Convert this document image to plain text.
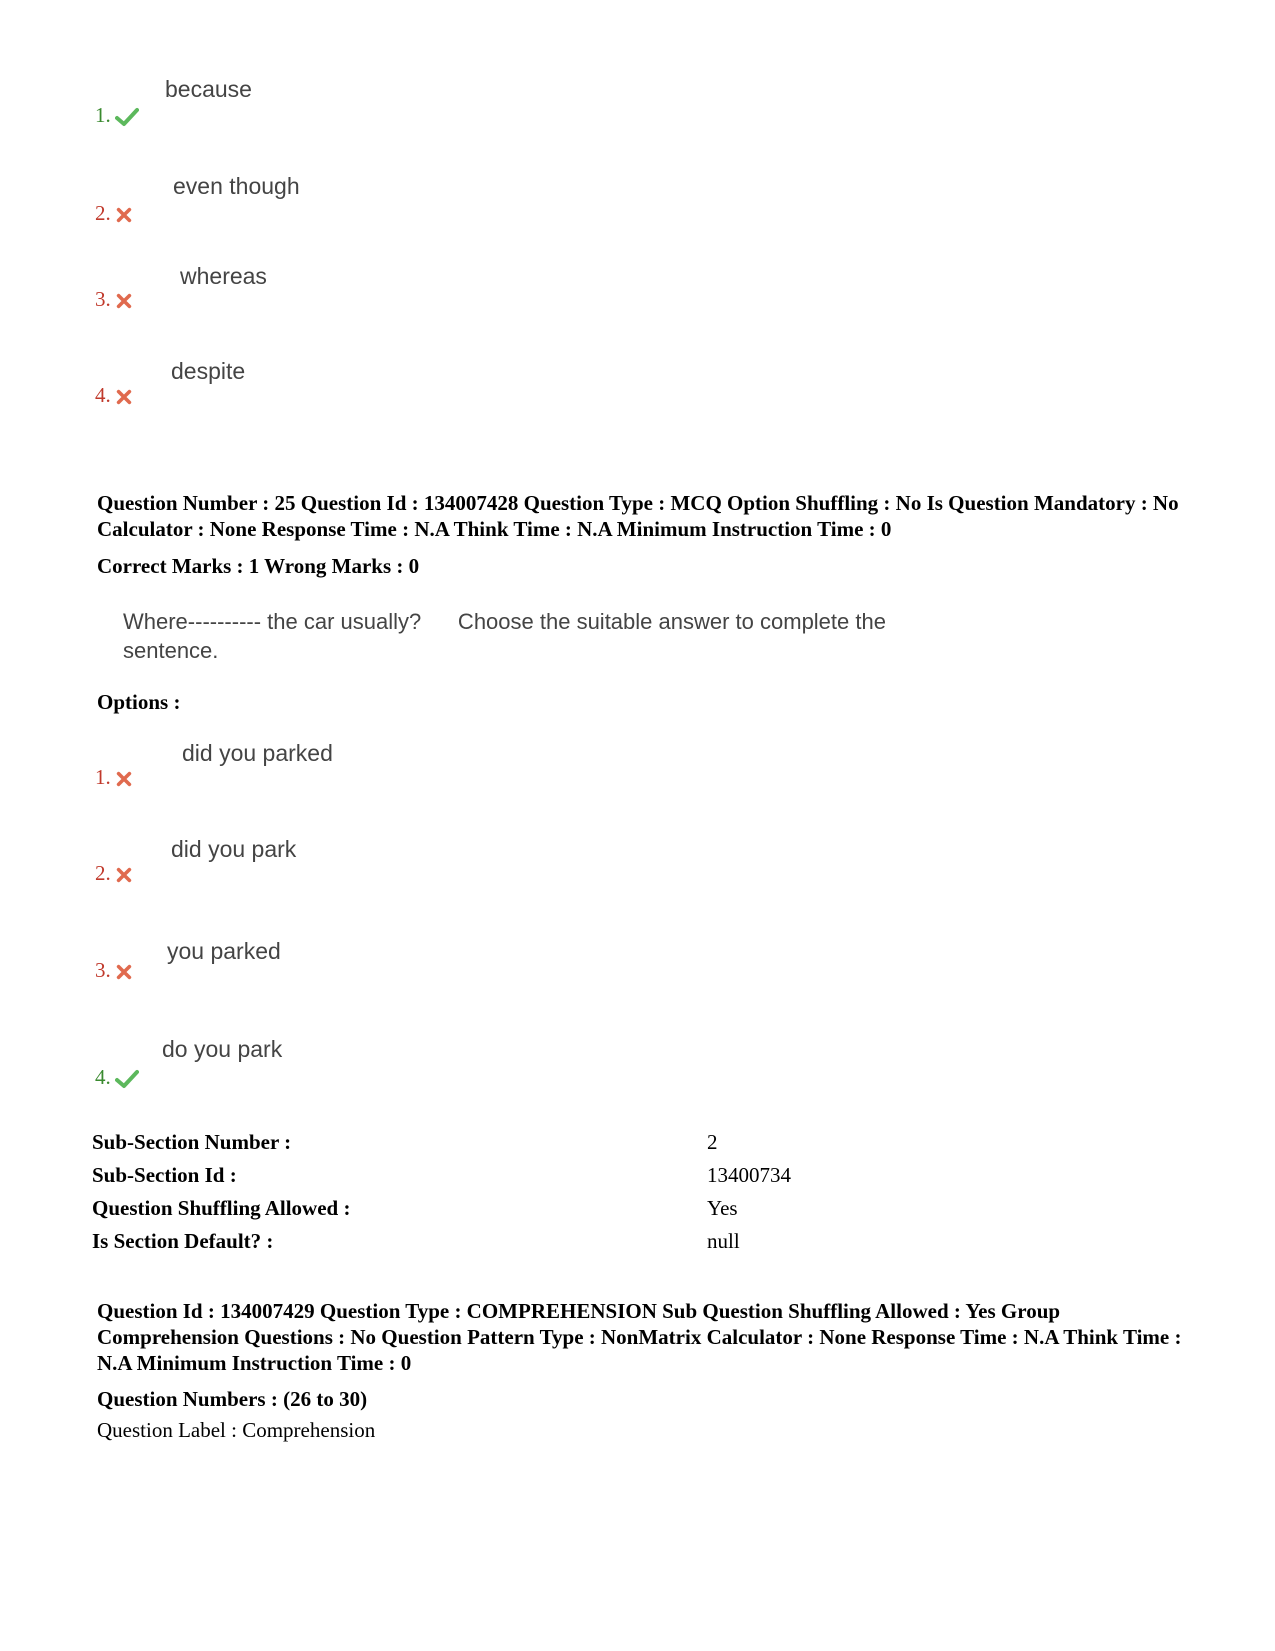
1.
because
2.
even though
3.
whereas
4.
despite
Question Number : 25 Question Id : 134007428 Question Type : MCQ Option Shuffling : No Is Question Mandatory : No Calculator : None Response Time : N.A Think Time : N.A Minimum Instruction Time : 0
Correct Marks : 1 Wrong Marks : 0
Where---------- the car usually?      Choose the suitable answer to complete the
sentence.
Options :
1.
did you parked
2.
did you park
3.
you parked
4.
do you park
Sub-Section Number :	2
Sub-Section Id :	13400734
Question Shuffling Allowed :	Yes
Is Section Default? :	null
Question Id : 134007429 Question Type : COMPREHENSION Sub Question Shuffling Allowed : Yes Group Comprehension Questions : No Question Pattern Type : NonMatrix Calculator : None Response Time : N.A Think Time : N.A Minimum Instruction Time : 0
Question Numbers : (26 to 30)
Question Label : Comprehension
